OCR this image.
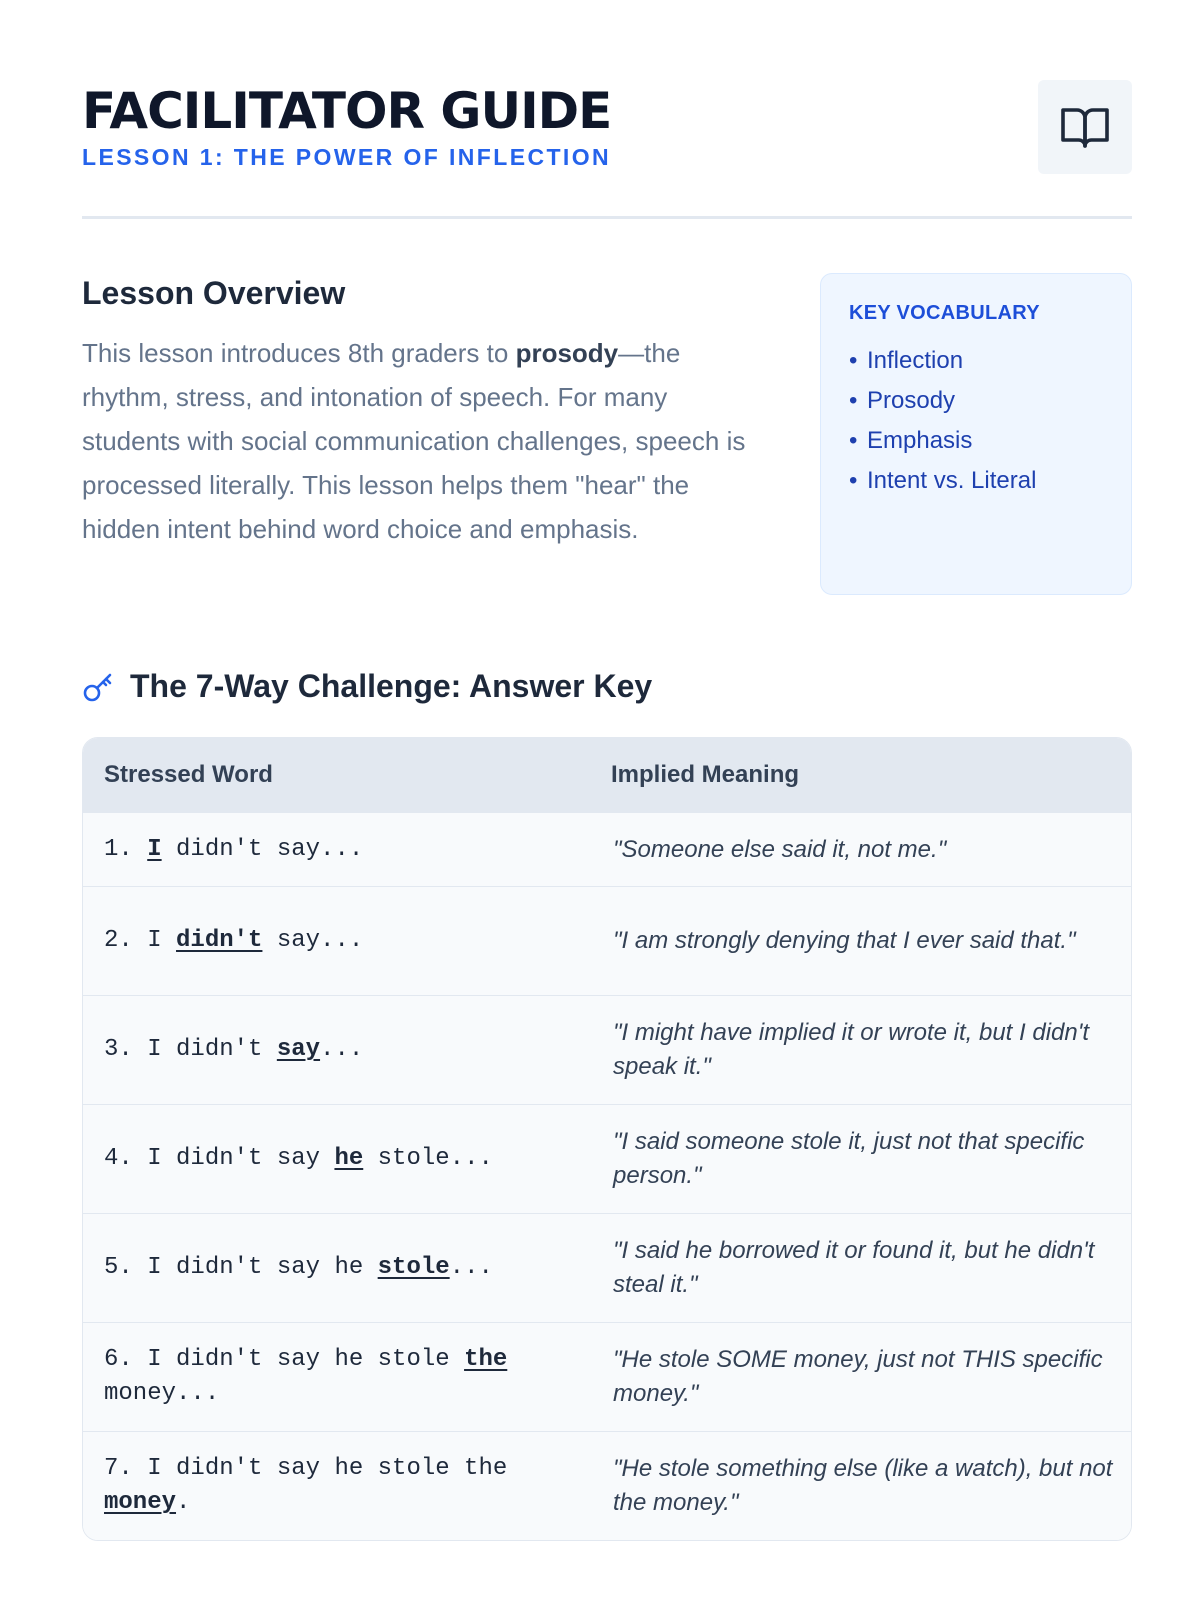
FACILITATOR GUIDE
LESSON 1: THE POWER OF INFLECTION
Lesson Overview

This lesson introduces 8th graders to prosody—the rhythm, stress, and intonation of speech. For many students with social communication challenges, speech is processed literally. This lesson helps them "hear" the hidden intent behind word choice and emphasis.

KEY VOCABULARY
• Inflection
• Prosody
• Emphasis
• Intent vs. Literal
The 7-Way Challenge: Answer Key
Stressed Word	Implied Meaning
1. I didn't say...	"Someone else said it, not me."
2. I didn't say...	"I am strongly denying that I ever said that."
3. I didn't say...	"I might have implied it or wrote it, but I didn't speak it."
4. I didn't say he stole...	"I said someone stole it, just not that specific person."
5. I didn't say he stole...	"I said he borrowed it or found it, but he didn't steal it."
6. I didn't say he stole the money...	"He stole SOME money, just not THIS specific money."
7. I didn't say he stole the money.	"He stole something else (like a watch), but not the money."
